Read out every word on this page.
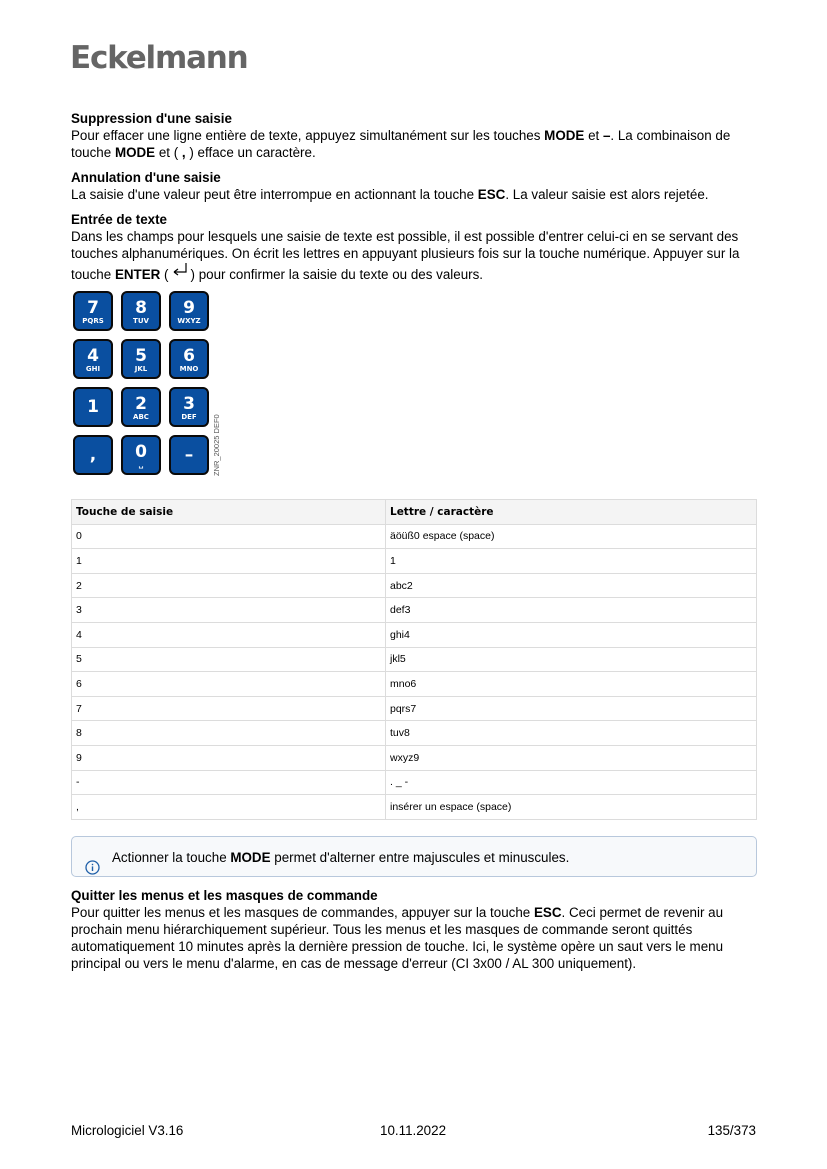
Eckelmann
Suppression d'une saisie
Pour effacer une ligne entière de texte, appuyez simultanément sur les touches MODE et –. La combinaison de touche MODE et ( , ) efface un caractère.
Annulation d'une saisie
La saisie d'une valeur peut être interrompue en actionnant la touche ESC. La valeur saisie est alors rejetée.
Entrée de texte
Dans les champs pour lesquels une saisie de texte est possible, il est possible d'entrer celui-ci en se servant des touches alphanumériques. On écrit les lettres en appuyant plusieurs fois sur la touche numérique. Appuyer sur la touche ENTER ( ) pour confirmer la saisie du texte ou des valeurs.
7
PQRS
8
TUV
9
WXYZ
4
GHI
5
JKL
6
MNO
1	2
ABC
3
DEF
,	0
␣	–	ZNR_20025 DEF0
Touche de saisie	Lettre / caractère
0	äöüß0 espace (space)
1	1
2	abc2
3	def3
4	ghi4
5	jkl5
6	mno6
7	pqrs7
8	tuv8
9	wxyz9
-	. _ -
,	insérer un espace (space)
Actionner la touche MODE permet d'alterner entre majuscules et minuscules.
Quitter les menus et les masques de commande
Pour quitter les menus et les masques de commandes, appuyer sur la touche ESC. Ceci permet de revenir au prochain menu hiérarchiquement supérieur. Tous les menus et les masques de commande seront quittés automatiquement 10 minutes après la dernière pression de touche. Ici, le système opère un saut vers le menu principal ou vers le menu d'alarme, en cas de message d'erreur (CI 3x00 / AL 300 uniquement).
Micrologiciel V3.16	10.11.2022	135/373
